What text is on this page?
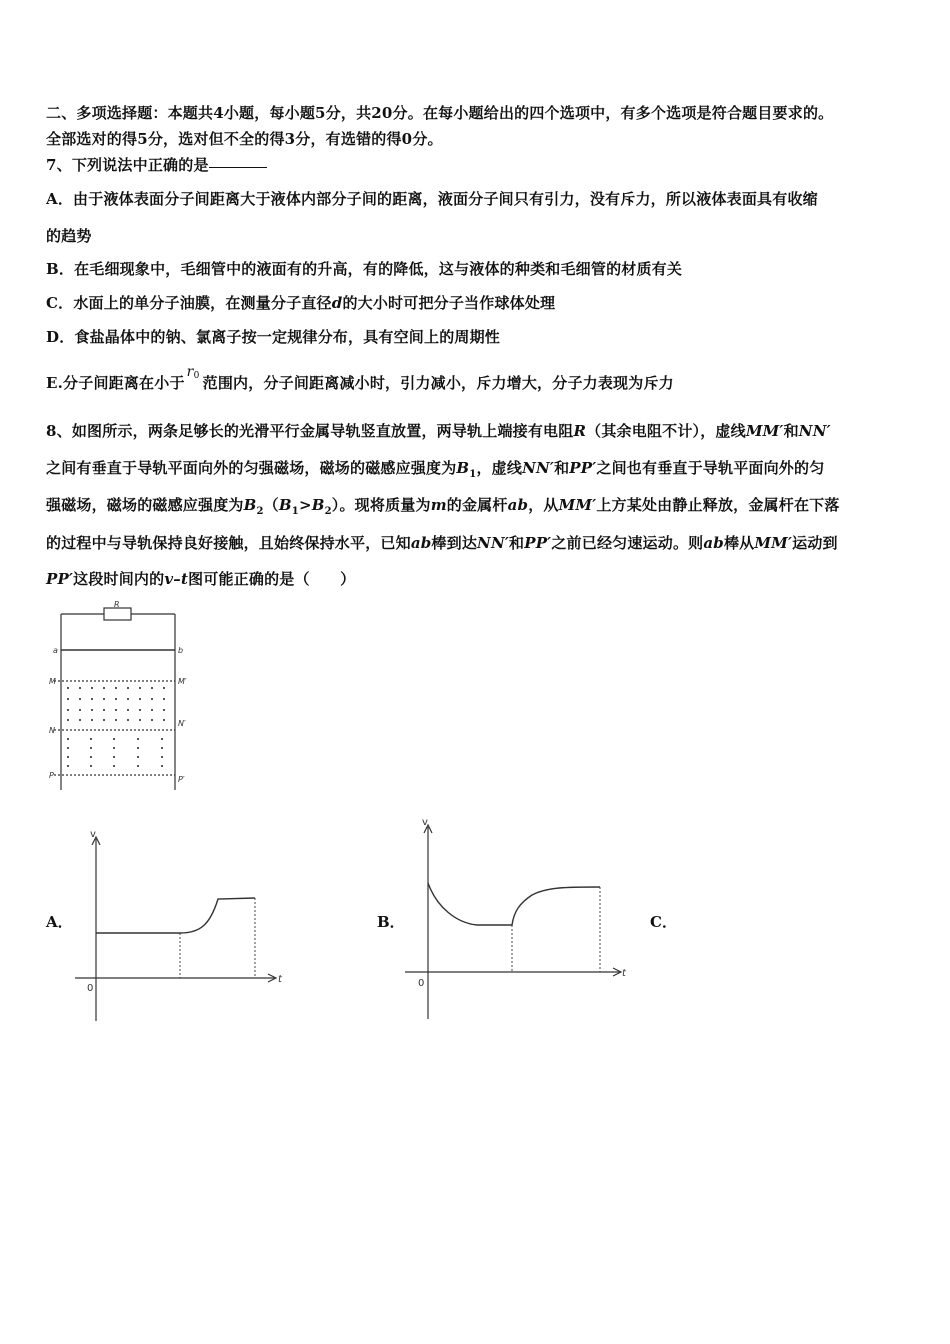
二、多项选择题：本题共4小题，每小题5分，共20分。在每小题给出的四个选项中，有多个选项是符合题目要求的。
全部选对的得5分，选对但不全的得3分，有选错的得0分。
7、下列说法中正确的是
A．由于液体表面分子间距离大于液体内部分子间的距离，液面分子间只有引力，没有斥力，所以液体表面具有收缩
的趋势
B．在毛细现象中，毛细管中的液面有的升高，有的降低，这与液体的种类和毛细管的材质有关
C．水面上的单分子油膜，在测量分子直径d的大小时可把分子当作球体处理
D．食盐晶体中的钠、氯离子按一定规律分布，具有空间上的周期性
E.分子间距离在小于
r 0 范围内，分子间距离减小时，引力减小，斥力增大，分子力表现为斥力
8、如图所示，两条足够长的光滑平行金属导轨竖直放置，两导轨上端接有电阻R（其余电阻不计），虚线MM′和NN′
之间有垂直于导轨平面向外的匀强磁场，磁场的磁感应强度为$B_1$，虚线NN′和PP′之间也有垂直于导轨平面向外的匀
强磁场，磁场的磁感应强度为$B_2(B_1>B_2)$。现将质量为m的金属杆ab，从MM′上方某处由静止释放，金属杆在下落
的过程中与导轨保持良好接触，且始终保持水平，已知ab棒到达NN′和PP′之前已经匀速运动。则ab棒从MM′运动到
PP′这段时间内的v–t图可能正确的是（　　）
R
a	b
M	M′
N
N′
P	P′
A．	B．	C．
v
t
0
v
t
0
